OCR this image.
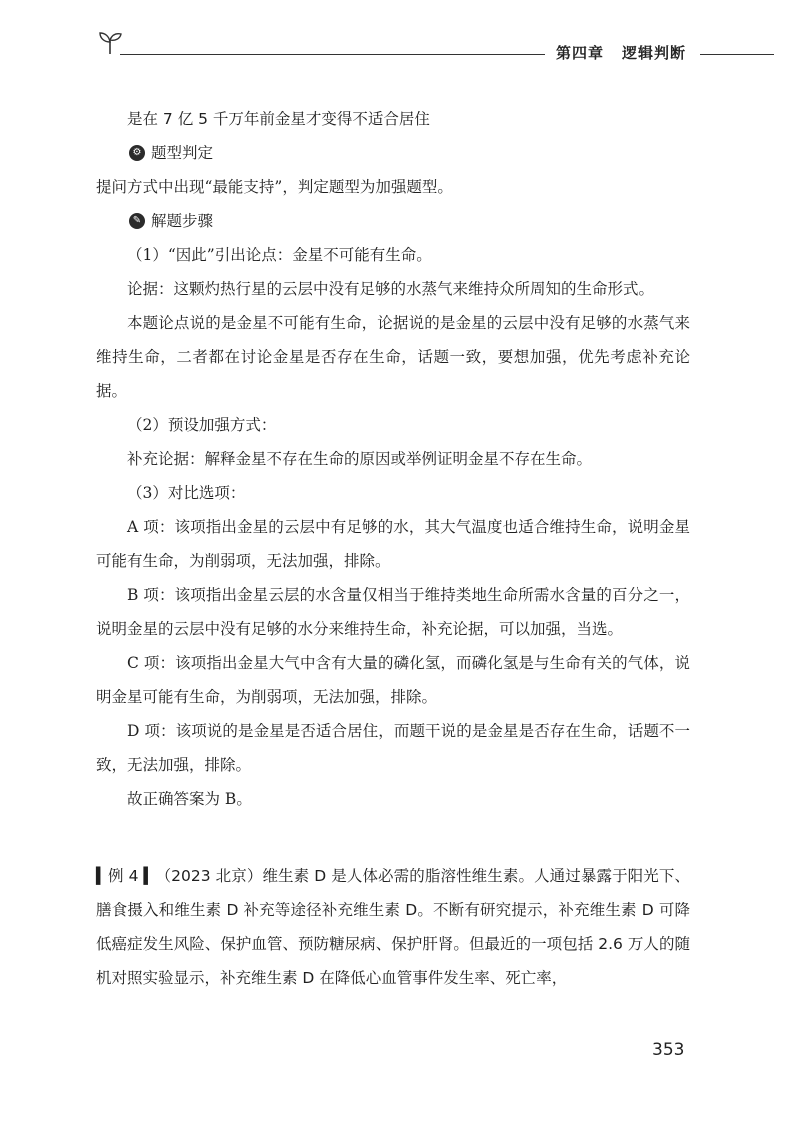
第四章 逻辑判断
是在 7 亿 5 千万年前金星才变得不适合居住
⚙ 题型判定
提问方式中出现“最能支持”，判定题型为加强题型。
✎ 解题步骤
（1）“因此”引出论点：金星不可能有生命。
论据：这颗灼热行星的云层中没有足够的水蒸气来维持众所周知的生命形式。
本题论点说的是金星不可能有生命，论据说的是金星的云层中没有足够的水蒸气来维持生命，二者都在讨论金星是否存在生命，话题一致，要想加强，优先考虑补充论据。
（2）预设加强方式：
补充论据：解释金星不存在生命的原因或举例证明金星不存在生命。
（3）对比选项：
A 项：该项指出金星的云层中有足够的水，其大气温度也适合维持生命，说明金星可能有生命，为削弱项，无法加强，排除。
B 项：该项指出金星云层的水含量仅相当于维持类地生命所需水含量的百分之一，说明金星的云层中没有足够的水分来维持生命，补充论据，可以加强，当选。
C 项：该项指出金星大气中含有大量的磷化氢，而磷化氢是与生命有关的气体，说明金星可能有生命，为削弱项，无法加强，排除。
D 项：该项说的是金星是否适合居住，而题干说的是金星是否存在生命，话题不一致，无法加强，排除。
故正确答案为 B。
▍例 4 ▍（2023 北京）维生素 D 是人体必需的脂溶性维生素。人通过暴露于阳光下、膳食摄入和维生素 D 补充等途径补充维生素 D。不断有研究提示，补充维生素 D 可降低癌症发生风险、保护血管、预防糖尿病、保护肝肾。但最近的一项包括 2.6 万人的随机对照实验显示，补充维生素 D 在降低心血管事件发生率、死亡率，
353
